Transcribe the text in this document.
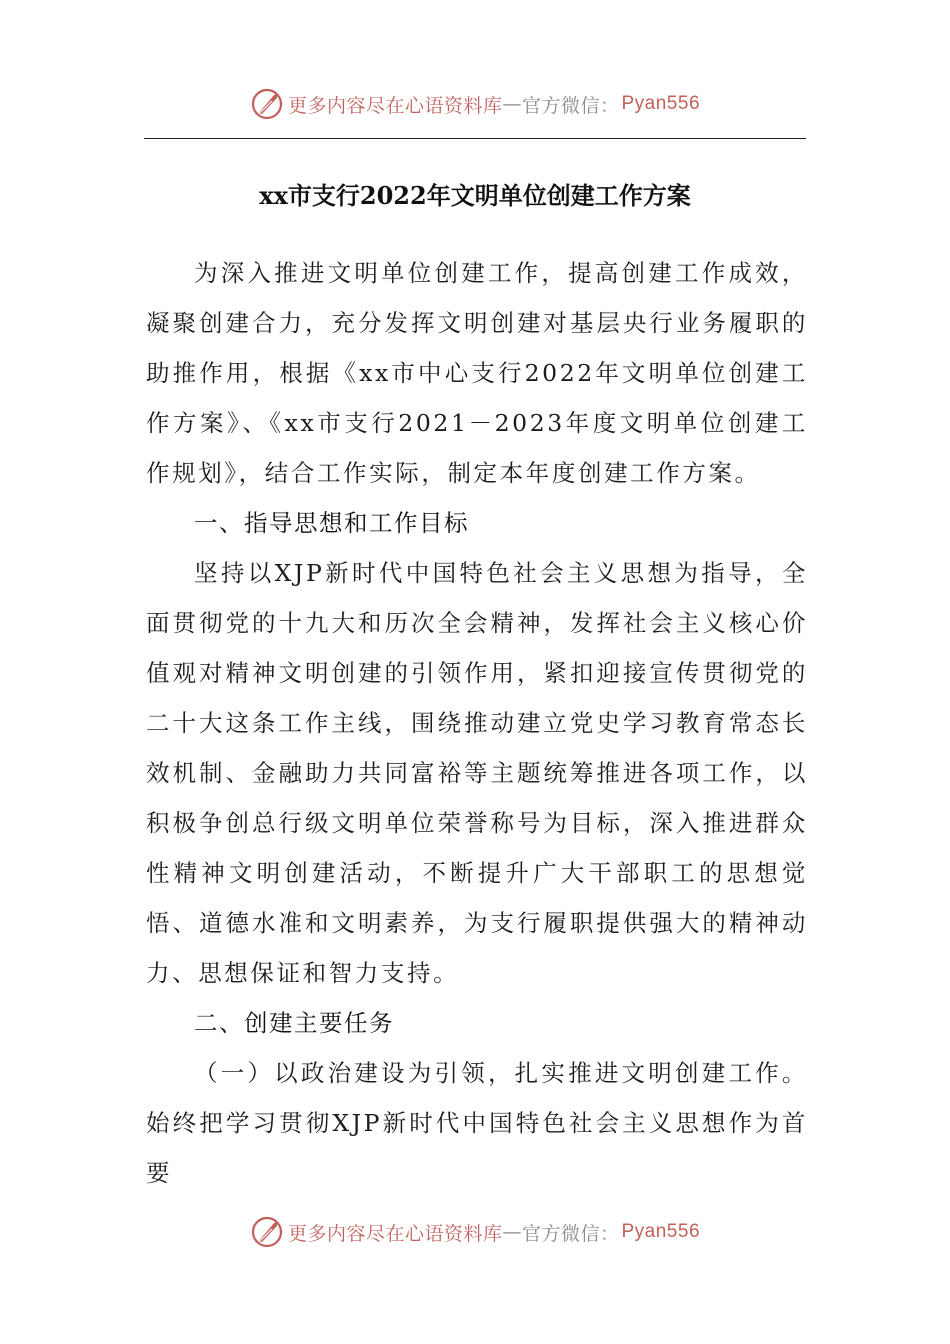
更多内容尽在心语资料库 — 官方微信： Pyan556
xx市支行2022年文明单位创建工作方案

为深入推进文明单位创建工作，提高创建工作成效，凝聚创建合力，充分发挥文明创建对基层央行业务履职的助推作用，根据《xx市中心支行2022年文明单位创建工作方案》、《xx市支行2021－2023年度文明单位创建工作规划》，结合工作实际，制定本年度创建工作方案。

一、指导思想和工作目标

坚持以XJP新时代中国特色社会主义思想为指导，全面贯彻党的十九大和历次全会精神，发挥社会主义核心价值观对精神文明创建的引领作用，紧扣迎接宣传贯彻党的二十大这条工作主线，围绕推动建立党史学习教育常态长效机制、金融助力共同富裕等主题统筹推进各项工作，以积极争创总行级文明单位荣誉称号为目标，深入推进群众性精神文明创建活动，不断提升广大干部职工的思想觉悟、道德水准和文明素养，为支行履职提供强大的精神动力、思想保证和智力支持。

二、创建主要任务

（一）以政治建设为引领，扎实推进文明创建工作。始终把学习贯彻XJP新时代中国特色社会主义思想作为首要

更多内容尽在心语资料库 — 官方微信： Pyan556
